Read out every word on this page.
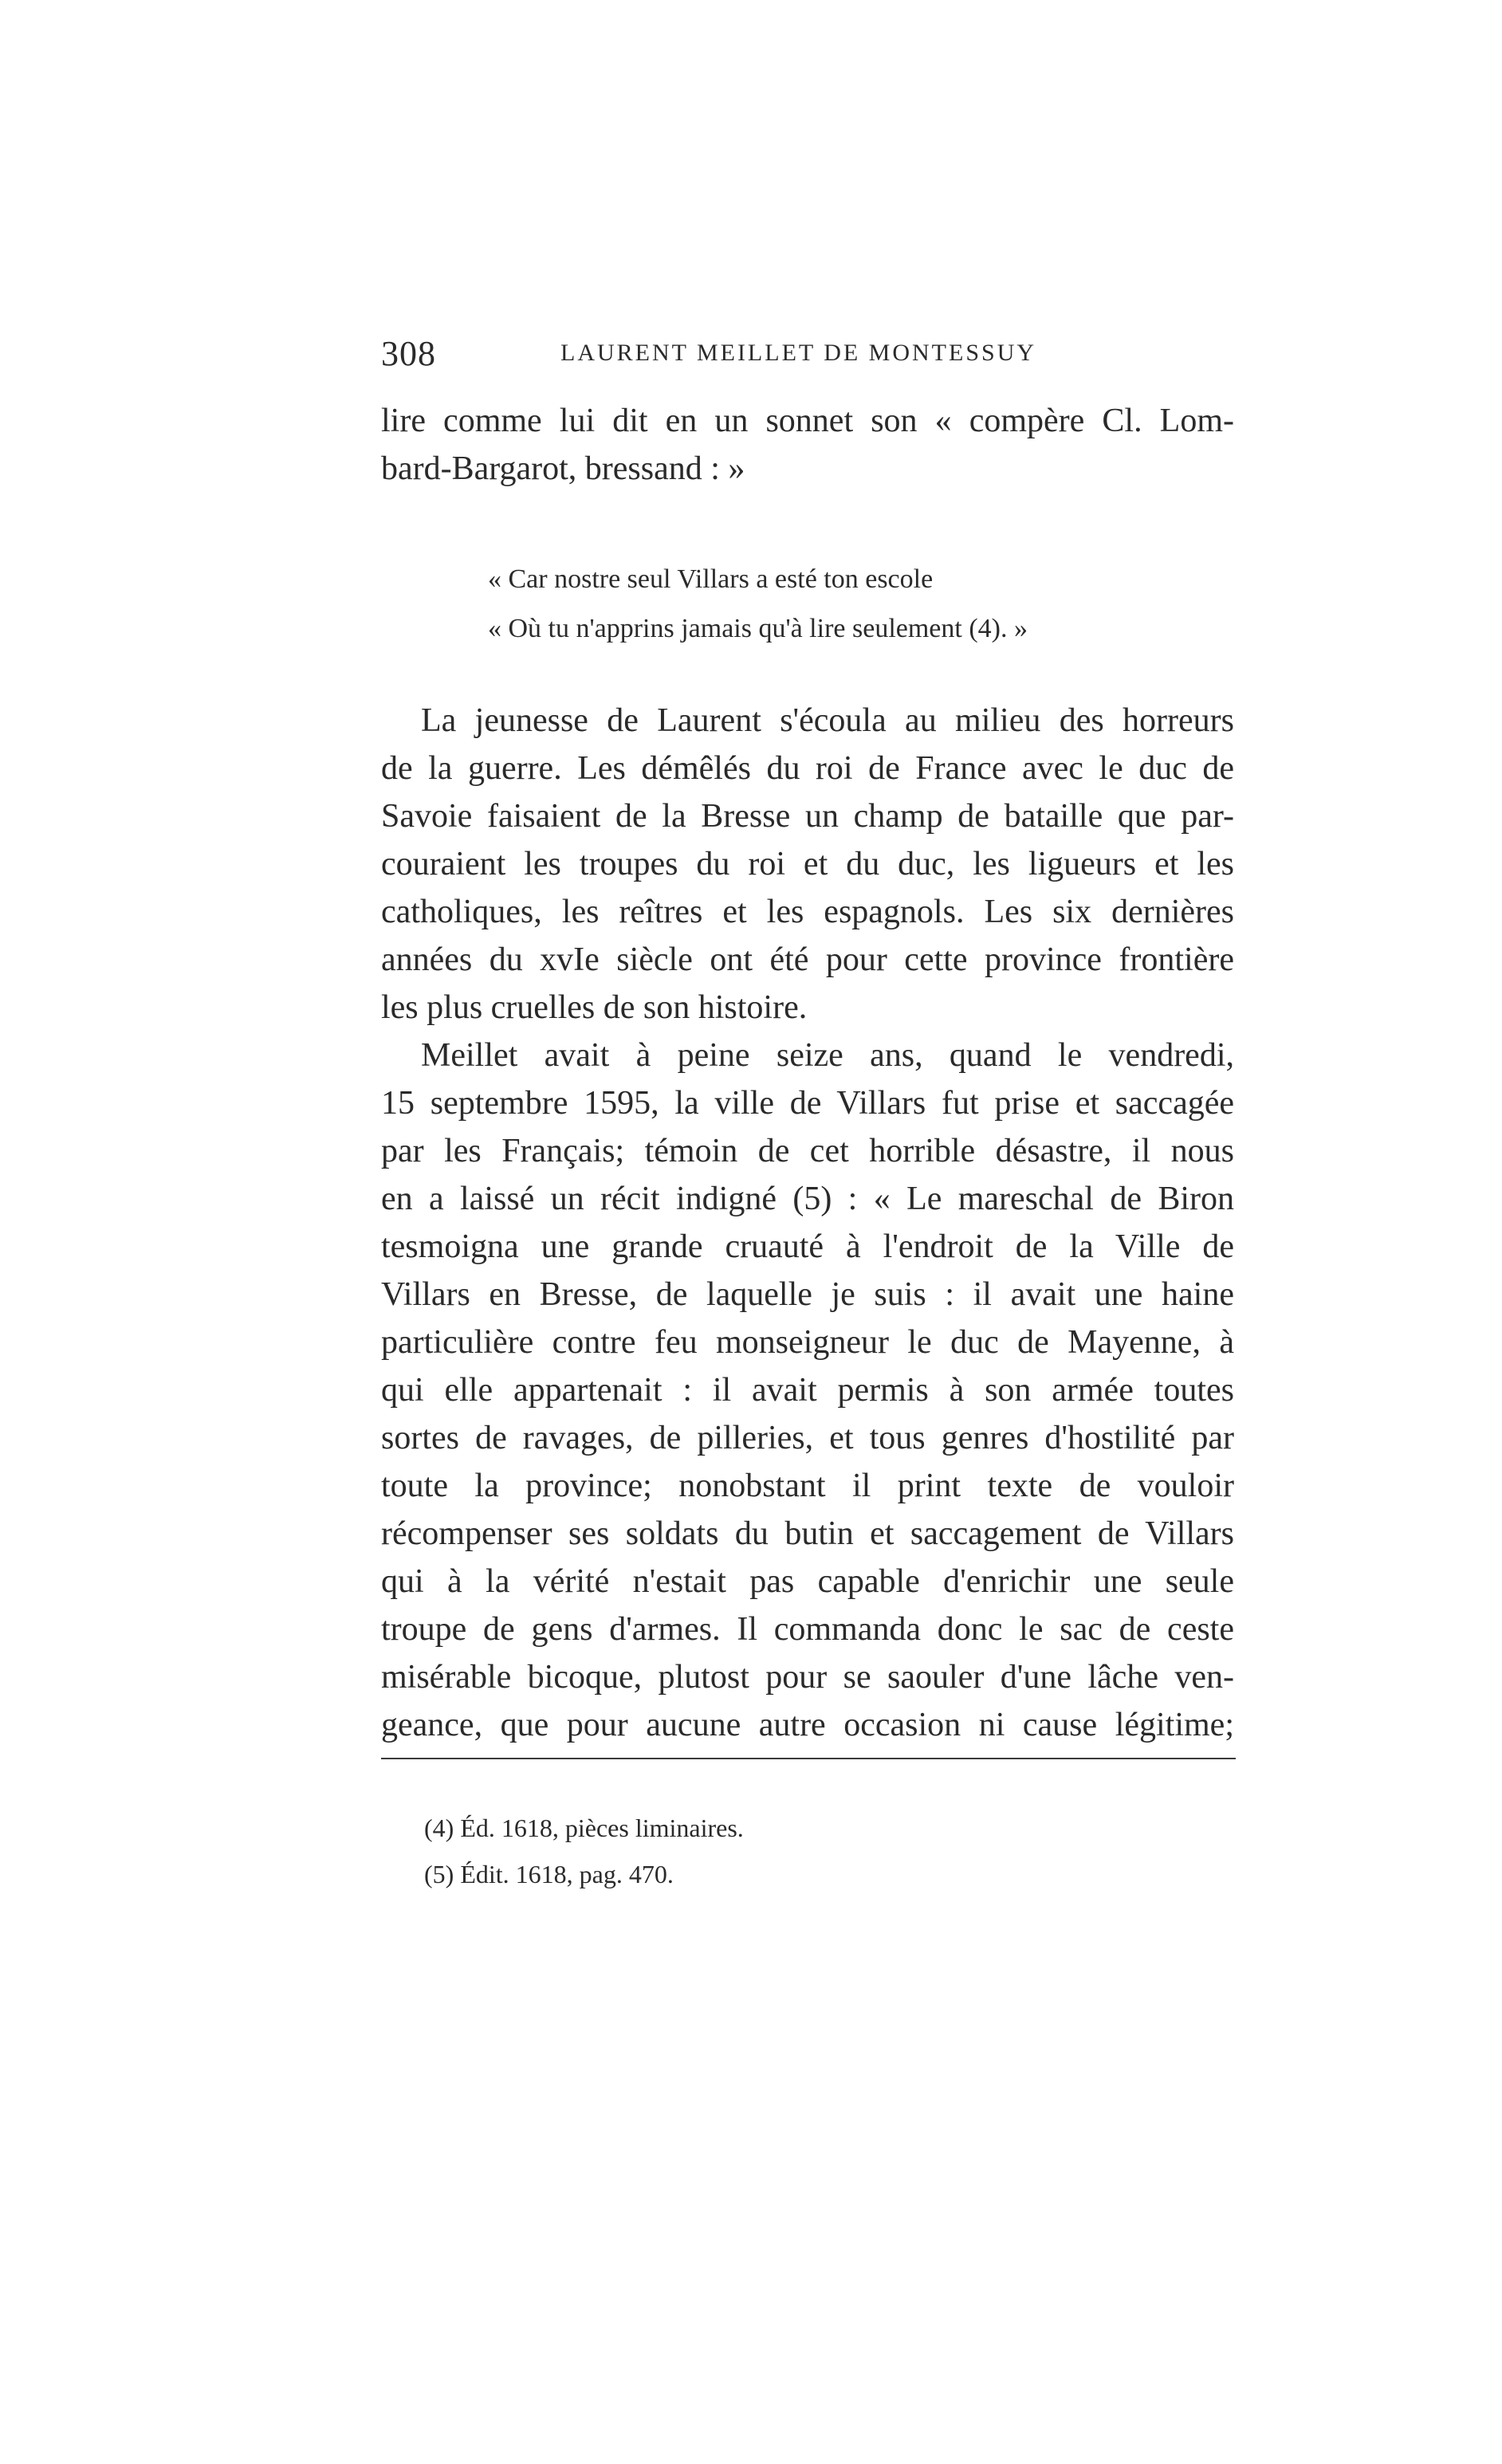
308	LAURENT MEILLET DE MONTESSUY
lire comme lui dit en un sonnet son « compère Cl. Lom-
bard-Bargarot, bressand : »
« Car nostre seul Villars a esté ton escole
« Où tu n'apprins jamais qu'à lire seulement (4). »
La jeunesse de Laurent s'écoula au milieu des horreurs
de la guerre. Les démêlés du roi de France avec le duc de
Savoie faisaient de la Bresse un champ de bataille que par-
couraient les troupes du roi et du duc, les ligueurs et les
catholiques, les reîtres et les espagnols. Les six dernières
années du xvIe siècle ont été pour cette province frontière
les plus cruelles de son histoire.
Meillet avait à peine seize ans, quand le vendredi,
15 septembre 1595, la ville de Villars fut prise et saccagée
par les Français; témoin de cet horrible désastre, il nous
en a laissé un récit indigné (5) : « Le mareschal de Biron
tesmoigna une grande cruauté à l'endroit de la Ville de
Villars en Bresse, de laquelle je suis : il avait une haine
particulière contre feu monseigneur le duc de Mayenne, à
qui elle appartenait : il avait permis à son armée toutes
sortes de ravages, de pilleries, et tous genres d'hostilité par
toute la province; nonobstant il print texte de vouloir
récompenser ses soldats du butin et saccagement de Villars
qui à la vérité n'estait pas capable d'enrichir une seule
troupe de gens d'armes. Il commanda donc le sac de ceste
misérable bicoque, plutost pour se saouler d'une lâche ven-
geance, que pour aucune autre occasion ni cause légitime;
(4) Éd. 1618, pièces liminaires.
(5) Édit. 1618, pag. 470.
